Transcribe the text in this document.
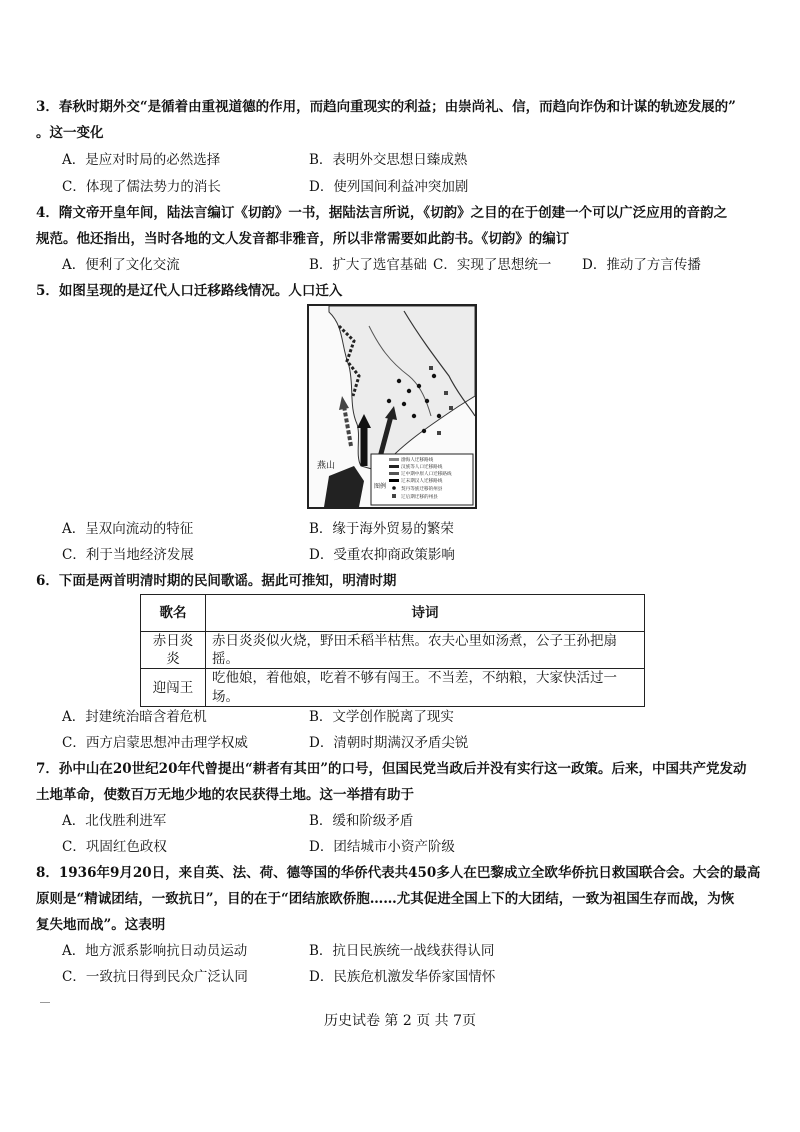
3．春秋时期外交“是循着由重视道德的作用，而趋向重现实的利益；由崇尚礼、信，而趋向诈伪和计谋的轨迹发展的”
。这一变化
A．是应对时局的必然选择	B．表明外交思想日臻成熟
C．体现了儒法势力的消长	D．使列国间利益冲突加剧
4．隋文帝开皇年间，陆法言编订《切韵》一书，据陆法言所说，《切韵》之目的在于创建一个可以广泛应用的音韵之
规范。他还指出，当时各地的文人发音都非雅音，所以非常需要如此韵书。《切韵》的编订
A．便利了文化交流	B．扩大了选官基础 C．实现了思想统一 D．推动了方言传播
5．如图呈现的是辽代人口迁移路线情况。人口迁入
燕山
图例
渤海人迁移路线
汉族等人口迁移路线
辽中期中原人口迁移路线
辽末期汉人迁移路线
契丹等族迁移的州县
辽后期迁移的州县
A．呈双向流动的特征	B．缘于海外贸易的繁荣
C．利于当地经济发展	D．受重农抑商政策影响
6．下面是两首明清时期的民间歌谣。据此可推知，明清时期
歌名	诗词
赤日炎炎	赤日炎炎似火烧，野田禾稻半枯焦。农夫心里如汤煮，公子王孙把扇摇。
迎闯王	吃他娘，着他娘，吃着不够有闯王。不当差，不纳粮，大家快活过一场。
A．封建统治暗含着危机	B．文学创作脱离了现实
C．西方启蒙思想冲击理学权威	D．清朝时期满汉矛盾尖锐
7．孙中山在20世纪20年代曾提出“耕者有其田”的口号，但国民党当政后并没有实行这一政策。后来，中国共产党发动
土地革命，使数百万无地少地的农民获得土地。这一举措有助于
A．北伐胜利进军	B．缓和阶级矛盾
C．巩固红色政权	D．团结城市小资产阶级
8．1936年9月20日，来自英、法、荷、德等国的华侨代表共450多人在巴黎成立全欧华侨抗日救国联合会。大会的最高
原则是“精诚团结，一致抗日”，目的在于“团结旅欧侨胞……尤其促进全国上下的大团结，一致为祖国生存而战，为恢
复失地而战”。这表明
A．地方派系影响抗日动员运动	B．抗日民族统一战线获得认同
C．一致抗日得到民众广泛认同	D．民族危机激发华侨家国情怀
历史试卷 第 2 页 共 7页
